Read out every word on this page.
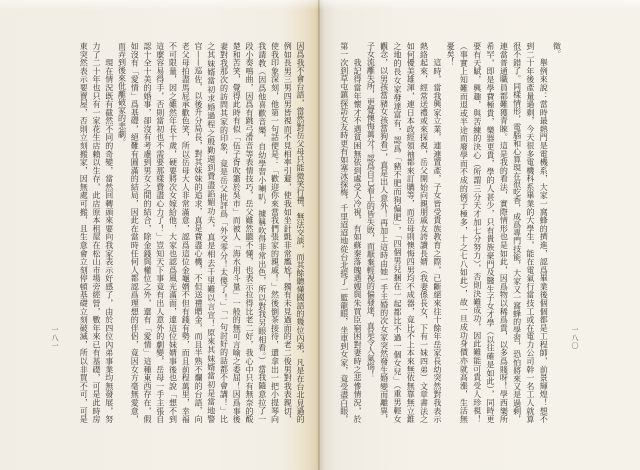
因爲我不會台語，當然對岳父母只能微笑行禮，無法交談，而其餘聽懂國語的幾位內弟，凡是在台北見過的
例如長男三男四男皆視而不見相率引避，使我如坐針氈非常尷尬！獨有未見過面的老二俊男對我表親切，
使我印象深刻，他第一句話便是：「歡迎你來當我們張家的親戚！」然後倒茶接待，還拿出一把小提琴向
我請教（因爲他喜歡音樂，自幼學習小喇叭，據稱吹得非常出色，所以對我另眼相看。）當我隨意拉了一
段小奏鳴曲，因爲有跳弓滑音等表情技巧，岳父雖然聽不懂，也表示拉得比老二好，我心中只有無奈的酸
楚和苦笑，覺得此時有似「伍子胥吹簫於吳市」而被人「海水用斗量」一般的無可言喻之委屈！因爲事後
妻對我那次的訪問其家的印象，竟是岳父批評爲「外交零分！太傻了！」「一句討好的話都不會講！」比
之其妹婿當初求婚過程之殷勤週到費盡諂媚功夫，真是相去千里難以言宣！原來其妹婿當初是當地警
官——巡佐，以後升分局長，對其妹妹的追求，真是費盡心機，不但送禮贈金，而且半熟不爛的台語，向
老父母拍盡馬屁承歡色笑，所以岳母大人非常滿意，認爲這位金龜婿不但有錢有勢，而且前程萬里，幸福
不可限量，因之雖然年長十歲，硬要將次女嫁給他，大家也認爲風光滿面，連這位妹婿事後也說「想不到
這麼容易得手，否則當初也不需要那樣費盡心力了！」豈知天下事竟有出人意外的劇變，岳母一手主張自
認十全十美的婚事，卻沒有考慮到男女之間的結合，除金錢與權位之外，還有「愛情」這種東西存在，假
如沒有「愛情」爲基礎，絕難有圓滿的結局，因此在當時任何人都認爲理想的伴侶，竟因女方毫無愛意，
而弄到後來仳離破家的悲劇。
　　現在情況既有截然不同的奇變，當然回轉頭來要向我家表示好感了，由於四位內弟事業均無發展，努
力了二十年也只有一家花生店賴以生存，此店原本租屋在松山市場旁經營，數年來已有基礎，可是此時房
東突然表示要賣屋，否則立刻搬家，因無處可搬，且生意會立刻停頓基礎立刻破滅，所以非買不可，可是
一八一
徵。
　　舉例來說：當時最熱門是電機系，大家一窩蜂的擠進，認爲畢業後個個都是工程師，前景輝煌！想不
到二十年後產量過剩，今天很多電機科系畢業的大學生，能在電氣行當技工或在電力公司幹一名工人就算
很不錯了。同樣情形，電腦和心算現在很吃香，成爲專門技能，大家又一窩蜂的學習，恐怕將來又是過剩，
連當普通職員都難獲青睞。這是我的看法，實際情形也是如此，因爲物以稀爲貴，以多爲賤呀！學西樂所
希罕，即是學費極貴，樂器更貴，學的人甚少，只有貴族豪門及醫生子女才學（以往確是如此），同時更
要有天賦，興趣，與苦練的決心（所謂三分天才加七分努力），否則決難成功，因此難能可貴受人珍視！
（事實上知難而退或半途而廢學而不成的例子極多，十之七八如此），故一旦成功身價亦就高漲，生活無
憂矣！
　　這時，當我興家立業，連連置產，子女皆受貴族教育之際，已斷絕來往十餘年岳家長幼突然對我表示
熱絡起來，經常送禮或來探視，岳父開始向親朋戚友誇讚長婿（我妻係長女，下有一妹四弟）文章書法之
如何優美雄渾，連日本政經領袖都來訂購等，而岳母則懊悔四男均不成器，竟比不上本來無依無靠無立錐
之地的長女家發達富有，認爲「豬不肥而狗偏肥」，「四個男兒捆在一起都比不過一個女兒」（重男輕女
觀念，以男孩當豬女孩當狗看），真是出人意外！再加上這時由她一手主婚的次女家突然發生婚變而離異，
子女流離失所，更覺懊悔萬分！認爲自己看上的皆失敗，而厭棄輕視的偏發達，真是令人氣惱！
　　我記得當年懷才不遇貧困無依到處受人冷視，有如蘇秦落魄遇嫂與朱買臣窮困對妻時之悲慘情況，於
第一次到草屯鎮探訪女友時更有如塞冰探梅，千里迢迢地從台北提了一籃龍眼，坐車到女家，竟受盡白眼，	一八〇
